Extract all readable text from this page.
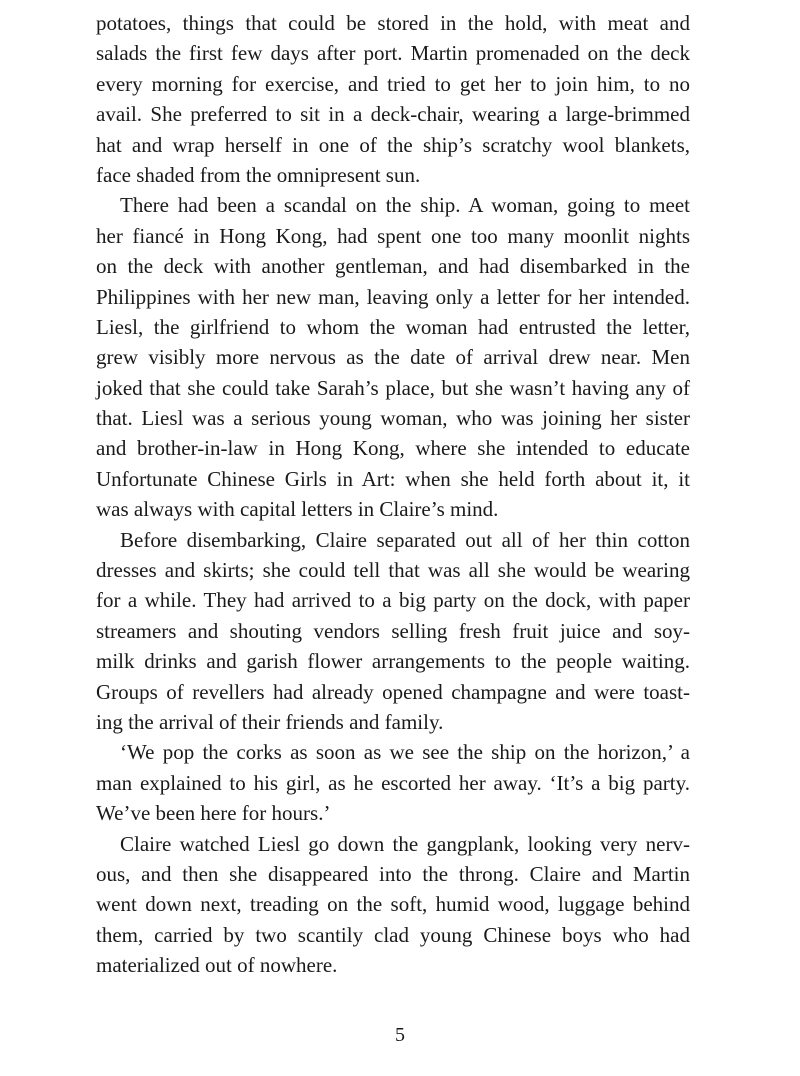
potatoes, things that could be stored in the hold, with meat and
salads the first few days after port. Martin promenaded on the deck
every morning for exercise, and tried to get her to join him, to no
avail. She preferred to sit in a deck-chair, wearing a large-brimmed
hat and wrap herself in one of the ship’s scratchy wool blankets,
face shaded from the omnipresent sun.
There had been a scandal on the ship. A woman, going to meet
her fiancé in Hong Kong, had spent one too many moonlit nights
on the deck with another gentleman, and had disembarked in the
Philippines with her new man, leaving only a letter for her intended.
Liesl, the girlfriend to whom the woman had entrusted the letter,
grew visibly more nervous as the date of arrival drew near. Men
joked that she could take Sarah’s place, but she wasn’t having any of
that. Liesl was a serious young woman, who was joining her sister
and brother-in-law in Hong Kong, where she intended to educate
Unfortunate Chinese Girls in Art: when she held forth about it, it
was always with capital letters in Claire’s mind.
Before disembarking, Claire separated out all of her thin cotton
dresses and skirts; she could tell that was all she would be wearing
for a while. They had arrived to a big party on the dock, with paper
streamers and shouting vendors selling fresh fruit juice and soy-
milk drinks and garish flower arrangements to the people waiting.
Groups of revellers had already opened champagne and were toast-
ing the arrival of their friends and family.
‘We pop the corks as soon as we see the ship on the horizon,’ a
man explained to his girl, as he escorted her away. ‘It’s a big party.
We’ve been here for hours.’
Claire watched Liesl go down the gangplank, looking very nerv-
ous, and then she disappeared into the throng. Claire and Martin
went down next, treading on the soft, humid wood, luggage behind
them, carried by two scantily clad young Chinese boys who had
materialized out of nowhere.
5
